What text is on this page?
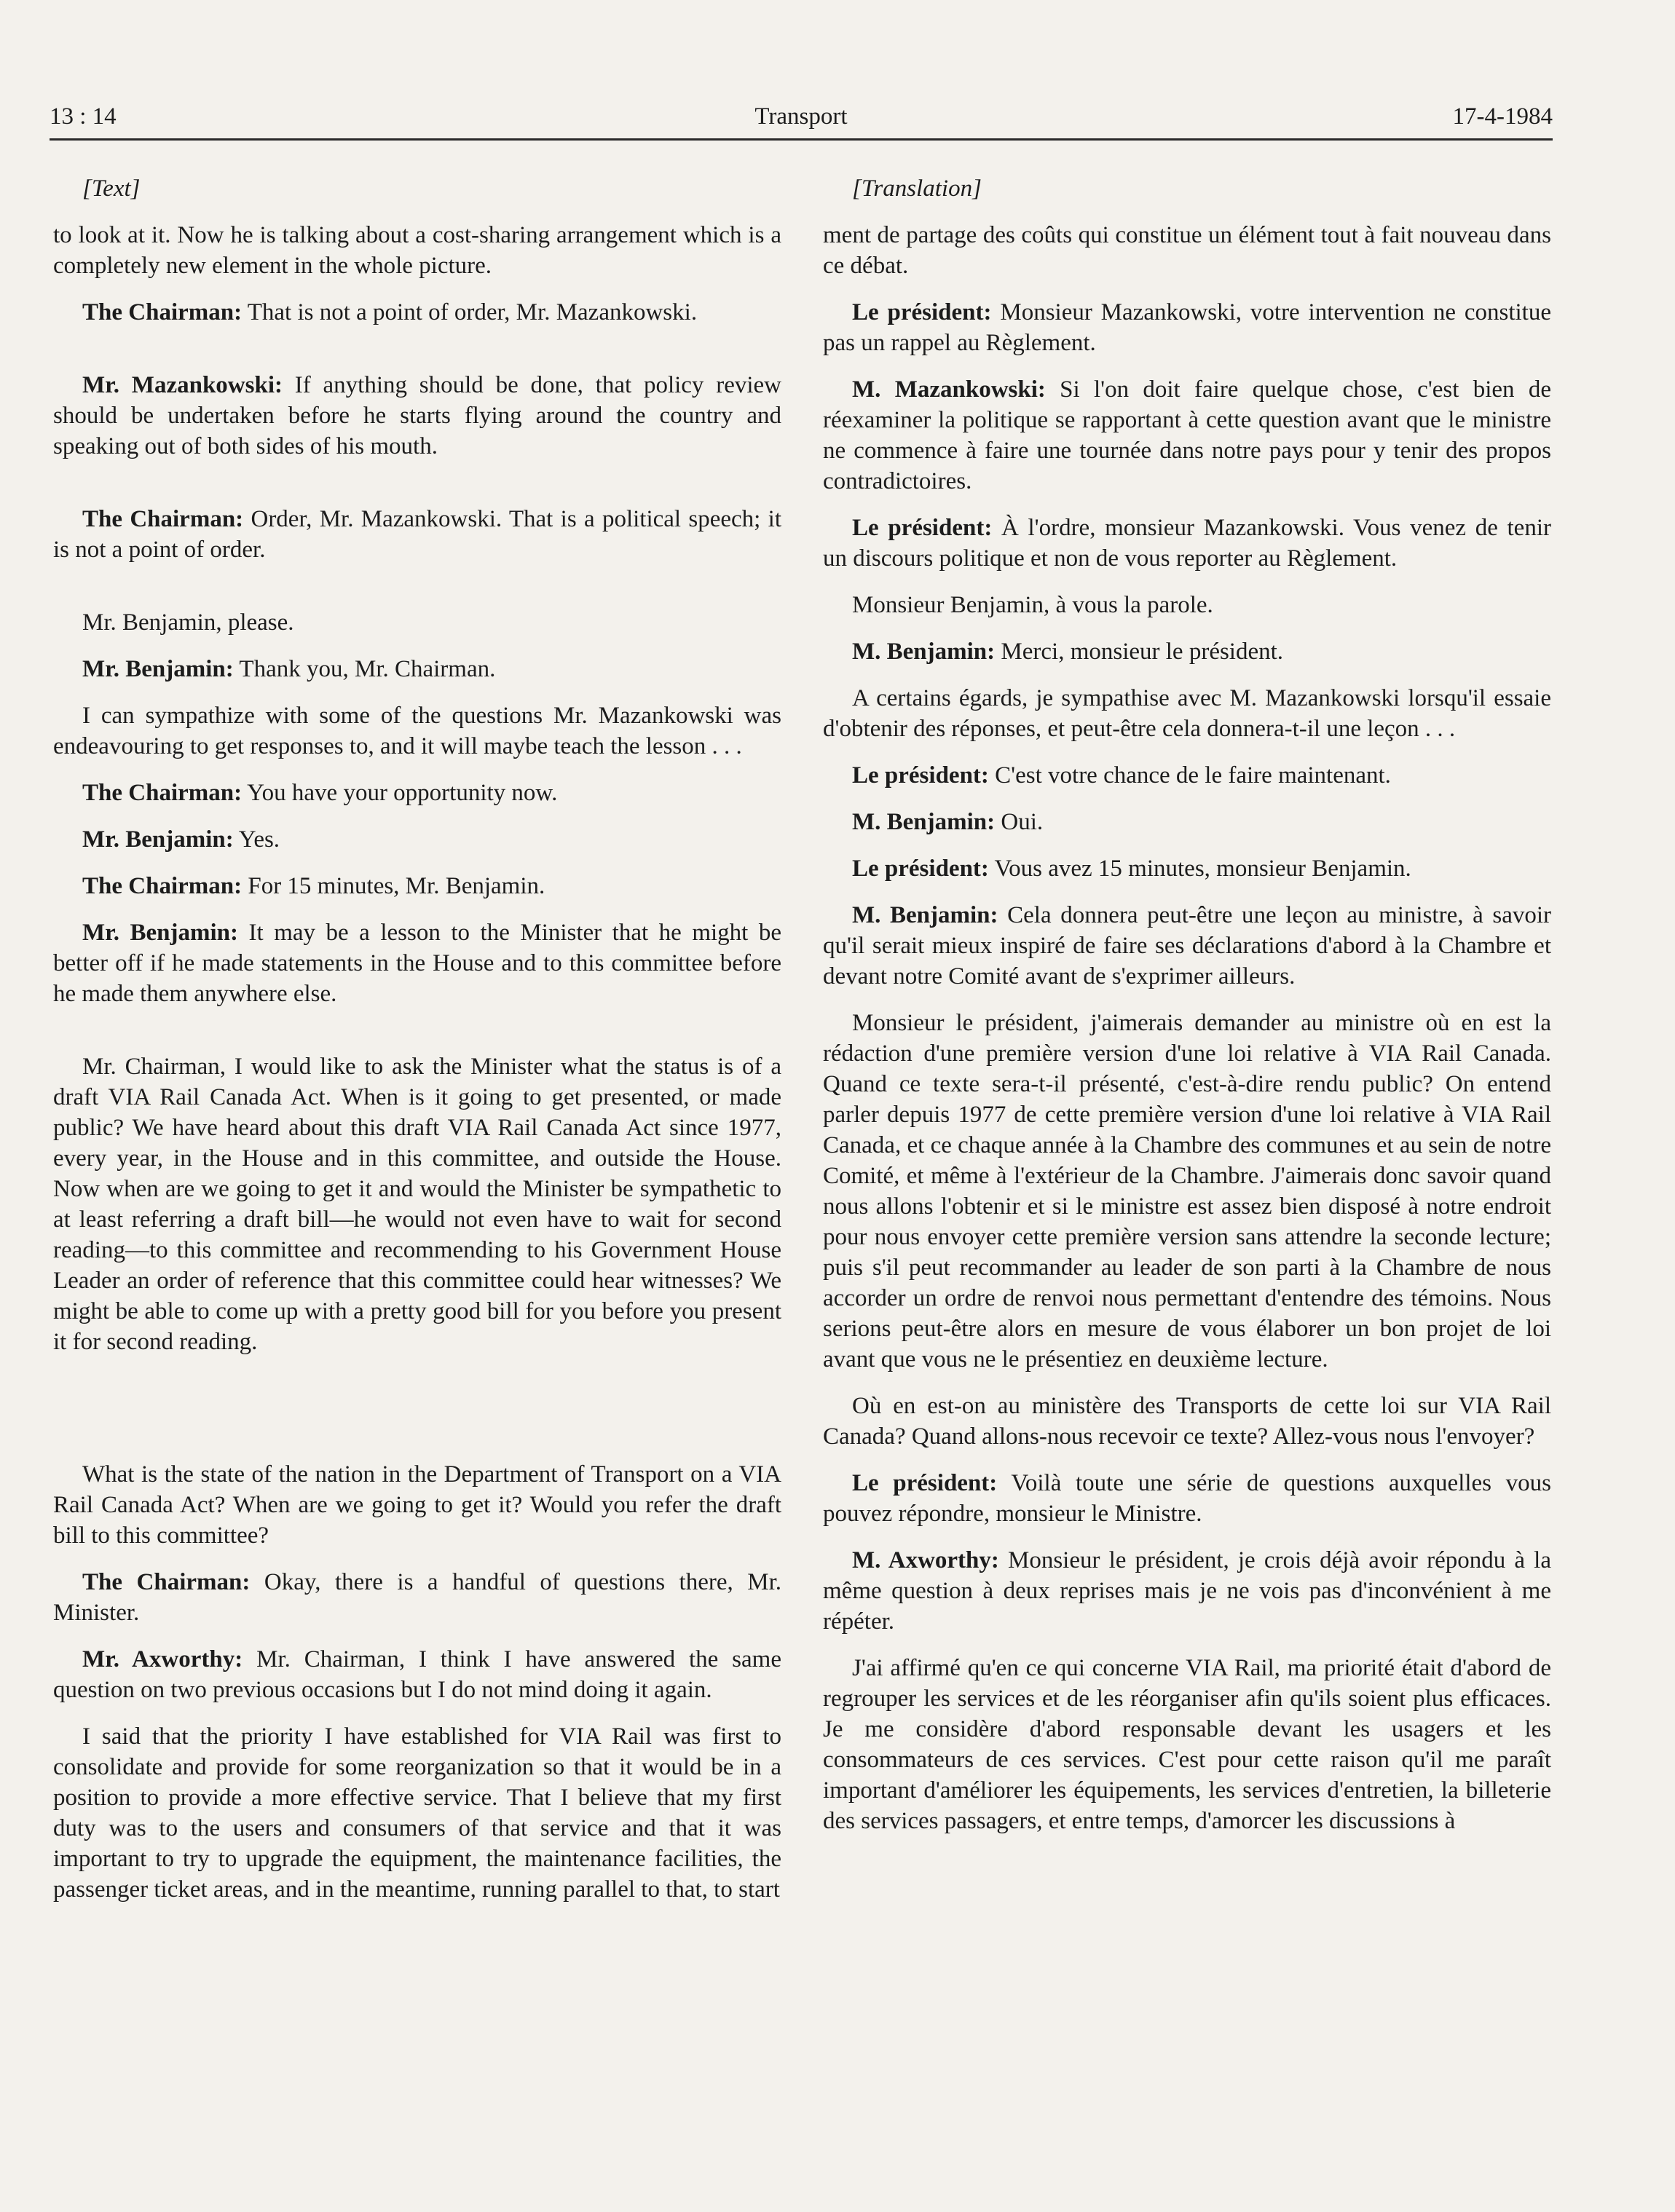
13 : 14	Transport	17-4-1984

[Text]

to look at it. Now he is talking about a cost-sharing arrangement which is a completely new element in the whole picture.

The Chairman: That is not a point of order, Mr. Mazankowski.

Mr. Mazankowski: If anything should be done, that policy review should be undertaken before he starts flying around the country and speaking out of both sides of his mouth.

The Chairman: Order, Mr. Mazankowski. That is a political speech; it is not a point of order.

Mr. Benjamin, please.

Mr. Benjamin: Thank you, Mr. Chairman.

I can sympathize with some of the questions Mr. Mazankowski was endeavouring to get responses to, and it will maybe teach the lesson . . .

The Chairman: You have your opportunity now.

Mr. Benjamin: Yes.

The Chairman: For 15 minutes, Mr. Benjamin.

Mr. Benjamin: It may be a lesson to the Minister that he might be better off if he made statements in the House and to this committee before he made them anywhere else.

Mr. Chairman, I would like to ask the Minister what the status is of a draft VIA Rail Canada Act. When is it going to get presented, or made public? We have heard about this draft VIA Rail Canada Act since 1977, every year, in the House and in this committee, and outside the House. Now when are we going to get it and would the Minister be sympathetic to at least referring a draft bill—he would not even have to wait for second reading—to this committee and recommending to his Government House Leader an order of reference that this committee could hear witnesses? We might be able to come up with a pretty good bill for you before you present it for second reading.

What is the state of the nation in the Department of Transport on a VIA Rail Canada Act? When are we going to get it? Would you refer the draft bill to this committee?

The Chairman: Okay, there is a handful of questions there, Mr. Minister.

Mr. Axworthy: Mr. Chairman, I think I have answered the same question on two previous occasions but I do not mind doing it again.

I said that the priority I have established for VIA Rail was first to consolidate and provide for some reorganization so that it would be in a position to provide a more effective service. That I believe that my first duty was to the users and consumers of that service and that it was important to try to upgrade the equipment, the maintenance facilities, the passenger ticket areas, and in the meantime, running parallel to that, to start

[Translation]

ment de partage des coûts qui constitue un élément tout à fait nouveau dans ce débat.

Le président: Monsieur Mazankowski, votre intervention ne constitue pas un rappel au Règlement.

M. Mazankowski: Si l'on doit faire quelque chose, c'est bien de réexaminer la politique se rapportant à cette question avant que le ministre ne commence à faire une tournée dans notre pays pour y tenir des propos contradictoires.

Le président: À l'ordre, monsieur Mazankowski. Vous venez de tenir un discours politique et non de vous reporter au Règlement.

Monsieur Benjamin, à vous la parole.

M. Benjamin: Merci, monsieur le président.

A certains égards, je sympathise avec M. Mazankowski lorsqu'il essaie d'obtenir des réponses, et peut-être cela donnera-t-il une leçon . . .

Le président: C'est votre chance de le faire maintenant.

M. Benjamin: Oui.

Le président: Vous avez 15 minutes, monsieur Benjamin.

M. Benjamin: Cela donnera peut-être une leçon au ministre, à savoir qu'il serait mieux inspiré de faire ses déclarations d'abord à la Chambre et devant notre Comité avant de s'exprimer ailleurs.

Monsieur le président, j'aimerais demander au ministre où en est la rédaction d'une première version d'une loi relative à VIA Rail Canada. Quand ce texte sera-t-il présenté, c'est-à-dire rendu public? On entend parler depuis 1977 de cette première version d'une loi relative à VIA Rail Canada, et ce chaque année à la Chambre des communes et au sein de notre Comité, et même à l'extérieur de la Chambre. J'aimerais donc savoir quand nous allons l'obtenir et si le ministre est assez bien disposé à notre endroit pour nous envoyer cette première version sans attendre la seconde lecture; puis s'il peut recommander au leader de son parti à la Chambre de nous accorder un ordre de renvoi nous permettant d'entendre des témoins. Nous serions peut-être alors en mesure de vous élaborer un bon projet de loi avant que vous ne le présentiez en deuxième lecture.

Où en est-on au ministère des Transports de cette loi sur VIA Rail Canada? Quand allons-nous recevoir ce texte? Allez-vous nous l'envoyer?

Le président: Voilà toute une série de questions auxquelles vous pouvez répondre, monsieur le Ministre.

M. Axworthy: Monsieur le président, je crois déjà avoir répondu à la même question à deux reprises mais je ne vois pas d'inconvénient à me répéter.

J'ai affirmé qu'en ce qui concerne VIA Rail, ma priorité était d'abord de regrouper les services et de les réorganiser afin qu'ils soient plus efficaces. Je me considère d'abord responsable devant les usagers et les consommateurs de ces services. C'est pour cette raison qu'il me paraît important d'améliorer les équipements, les services d'entretien, la billeterie des services passagers, et entre temps, d'amorcer les discussions à
